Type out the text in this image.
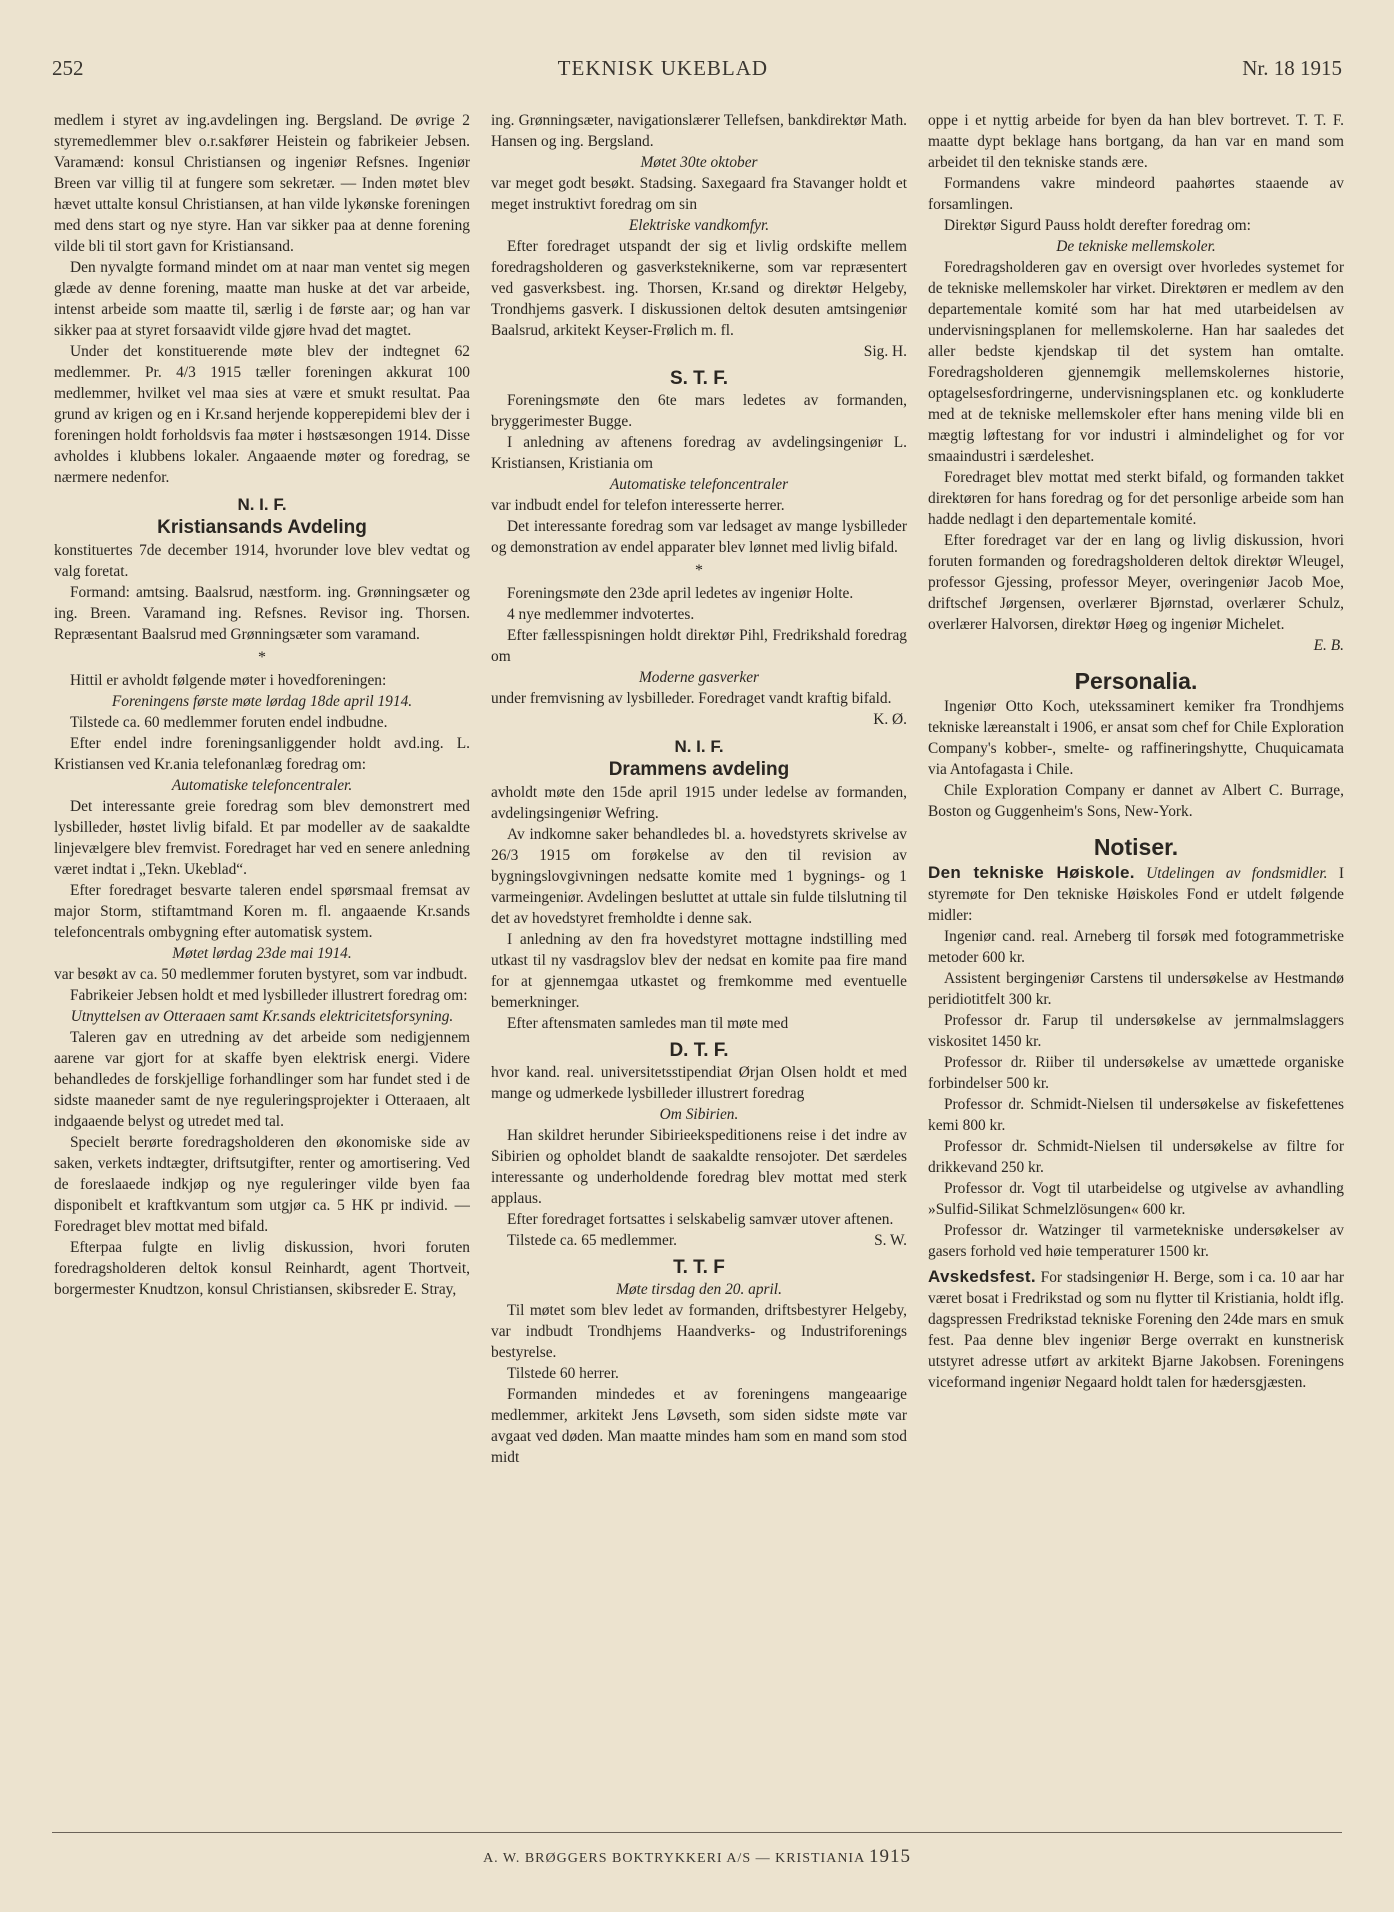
252	TEKNISK UKEBLAD	Nr. 18 1915

medlem i styret av ing.avdelingen ing. Bergsland. De øvrige 2 styremedlemmer blev o.r.sakfører Heistein og fabrikeier Jebsen. Varamænd: konsul Christiansen og ingeniør Refsnes. Ingeniør Breen var villig til at fungere som sekretær. — Inden møtet blev hævet uttalte konsul Christiansen, at han vilde lykønske foreningen med dens start og nye styre. Han var sikker paa at denne forening vilde bli til stort gavn for Kristiansand.

Den nyvalgte formand mindet om at naar man ventet sig megen glæde av denne forening, maatte man huske at det var arbeide, intenst arbeide som maatte til, særlig i de første aar; og han var sikker paa at styret forsaavidt vilde gjøre hvad det magtet.

Under det konstituerende møte blev der indtegnet 62 medlemmer. Pr. 4/3 1915 tæller foreningen akkurat 100 medlemmer, hvilket vel maa sies at være et smukt resultat. Paa grund av krigen og en i Kr.sand herjende kopperepidemi blev der i foreningen holdt forholdsvis faa møter i høstsæsongen 1914. Disse avholdes i klubbens lokaler. Angaaende møter og foredrag, se nærmere nedenfor.

N. I. F.
Kristiansands Avdeling

konstituertes 7de december 1914, hvorunder love blev vedtat og valg foretat.

Formand: amtsing. Baalsrud, næstform. ing. Grønningsæter og ing. Breen. Varamand ing. Refsnes. Revisor ing. Thorsen. Repræsentant Baalsrud med Grønningsæter som varamand.

*

Hittil er avholdt følgende møter i hovedforeningen:

Foreningens første møte lørdag 18de april 1914.

Tilstede ca. 60 medlemmer foruten endel indbudne.

Efter endel indre foreningsanliggender holdt avd.ing. L. Kristiansen ved Kr.ania telefonanlæg foredrag om:

Automatiske telefoncentraler.

Det interessante greie foredrag som blev demonstrert med lysbilleder, høstet livlig bifald. Et par modeller av de saakaldte linjevælgere blev fremvist. Foredraget har ved en senere anledning været indtat i „Tekn. Ukeblad“.

Efter foredraget besvarte taleren endel spørsmaal fremsat av major Storm, stiftamtmand Koren m. fl. angaaende Kr.sands telefoncentrals ombygning efter automatisk system.

Møtet lørdag 23de mai 1914.

var besøkt av ca. 50 medlemmer foruten bystyret, som var indbudt.

Fabrikeier Jebsen holdt et med lysbilleder illustrert foredrag om:

Utnyttelsen av Otteraaen samt Kr.sands elektricitetsforsyning.

Taleren gav en utredning av det arbeide som nedigjennem aarene var gjort for at skaffe byen elektrisk energi. Videre behandledes de forskjellige forhandlinger som har fundet sted i de sidste maaneder samt de nye reguleringsprojekter i Otteraaen, alt indgaaende belyst og utredet med tal.

Specielt berørte foredragsholderen den økonomiske side av saken, verkets indtægter, driftsutgifter, renter og amortisering. Ved de foreslaaede indkjøp og nye reguleringer vilde byen faa disponibelt et kraftkvantum som utgjør ca. 5 HK pr individ. — Foredraget blev mottat med bifald.

Efterpaa fulgte en livlig diskussion, hvori foruten foredragsholderen deltok konsul Reinhardt, agent Thortveit, borgermester Knudtzon, konsul Christiansen, skibsreder E. Stray,

ing. Grønningsæter, navigationslærer Tellefsen, bankdirektør Math. Hansen og ing. Bergsland.

Møtet 30te oktober

var meget godt besøkt. Stadsing. Saxegaard fra Stavanger holdt et meget instruktivt foredrag om sin

Elektriske vandkomfyr.

Efter foredraget utspandt der sig et livlig ordskifte mellem foredragsholderen og gasverksteknikerne, som var repræsentert ved gasverksbest. ing. Thorsen, Kr.sand og direktør Helgeby, Trondhjems gasverk. I diskussionen deltok desuten amtsingeniør Baalsrud, arkitekt Keyser-Frølich m. fl.

Sig. H.

S. T. F.

Foreningsmøte den 6te mars ledetes av formanden, bryggerimester Bugge.

I anledning av aftenens foredrag av avdelingsingeniør L. Kristiansen, Kristiania om

Automatiske telefoncentraler

var indbudt endel for telefon interesserte herrer.

Det interessante foredrag som var ledsaget av mange lysbilleder og demonstration av endel apparater blev lønnet med livlig bifald.

*

Foreningsmøte den 23de april ledetes av ingeniør Holte.

4 nye medlemmer indvotertes.

Efter fællesspisningen holdt direktør Pihl, Fredrikshald foredrag om

Moderne gasverker

under fremvisning av lysbilleder. Foredraget vandt kraftig bifald.

K. Ø.

N. I. F.
Drammens avdeling

avholdt møte den 15de april 1915 under ledelse av formanden, avdelingsingeniør Wefring.

Av indkomne saker behandledes bl. a. hovedstyrets skrivelse av 26/3 1915 om forøkelse av den til revision av bygningslovgivningen nedsatte komite med 1 bygnings- og 1 varmeingeniør. Avdelingen besluttet at uttale sin fulde tilslutning til det av hovedstyret fremholdte i denne sak.

I anledning av den fra hovedstyret mottagne indstilling med utkast til ny vasdragslov blev der nedsat en komite paa fire mand for at gjennemgaa utkastet og fremkomme med eventuelle bemerkninger.

Efter aftensmaten samledes man til møte med

D. T. F.

hvor kand. real. universitetsstipendiat Ørjan Olsen holdt et med mange og udmerkede lysbilleder illustrert foredrag

Om Sibirien.

Han skildret herunder Sibirieekspeditionens reise i det indre av Sibirien og opholdet blandt de saakaldte rensojoter. Det særdeles interessante og underholdende foredrag blev mottat med sterk applaus.

Efter foredraget fortsattes i selskabelig samvær utover aftenen.

Tilstede ca. 65 medlemmer.	S. W.
T. T. F

Møte tirsdag den 20. april.

Til møtet som blev ledet av formanden, driftsbestyrer Helgeby, var indbudt Trondhjems Haandverks- og Industriforenings bestyrelse.

Tilstede 60 herrer.

Formanden mindedes et av foreningens mangeaarige medlemmer, arkitekt Jens Løvseth, som siden sidste møte var avgaat ved døden. Man maatte mindes ham som en mand som stod midt

oppe i et nyttig arbeide for byen da han blev bortrevet. T. T. F. maatte dypt beklage hans bortgang, da han var en mand som arbeidet til den tekniske stands ære.

Formandens vakre mindeord paahørtes staaende av forsamlingen.

Direktør Sigurd Pauss holdt derefter foredrag om:

De tekniske mellemskoler.

Foredragsholderen gav en oversigt over hvorledes systemet for de tekniske mellemskoler har virket. Direktøren er medlem av den departementale komité som har hat med utarbeidelsen av undervisningsplanen for mellemskolerne. Han har saaledes det aller bedste kjendskap til det system han omtalte. Foredragsholderen gjennemgik mellemskolernes historie, optagelsesfordringerne, undervisningsplanen etc. og konkluderte med at de tekniske mellemskoler efter hans mening vilde bli en mægtig løftestang for vor industri i almindelighet og for vor smaaindustri i særdeleshet.

Foredraget blev mottat med sterkt bifald, og formanden takket direktøren for hans foredrag og for det personlige arbeide som han hadde nedlagt i den departementale komité.

Efter foredraget var der en lang og livlig diskussion, hvori foruten formanden og foredragsholderen deltok direktør Wleugel, professor Gjessing, professor Meyer, overingeniør Jacob Moe, driftschef Jørgensen, overlærer Bjørnstad, overlærer Schulz, overlærer Halvorsen, direktør Høeg og ingeniør Michelet.

E. B.

Personalia.

Ingeniør Otto Koch, utekssaminert kemiker fra Trondhjems tekniske læreanstalt i 1906, er ansat som chef for Chile Exploration Company's kobber-, smelte- og raffineringshytte, Chuquicamata via Antofagasta i Chile.

Chile Exploration Company er dannet av Albert C. Burrage, Boston og Guggenheim's Sons, New-York.

Notiser.

Den tekniske Høiskole. Utdelingen av fondsmidler. I styremøte for Den tekniske Høiskoles Fond er utdelt følgende midler:

Ingeniør cand. real. Arneberg til forsøk med fotogrammetriske metoder 600 kr.

Assistent bergingeniør Carstens til undersøkelse av Hestmandø peridiotitfelt 300 kr.

Professor dr. Farup til undersøkelse av jernmalmslaggers viskositet 1450 kr.

Professor dr. Riiber til undersøkelse av umættede organiske forbindelser 500 kr.

Professor dr. Schmidt-Nielsen til undersøkelse av fiskefettenes kemi 800 kr.

Professor dr. Schmidt-Nielsen til undersøkelse av filtre for drikkevand 250 kr.

Professor dr. Vogt til utarbeidelse og utgivelse av avhandling »Sulfid-Silikat Schmelzlösungen« 600 kr.

Professor dr. Watzinger til varmetekniske undersøkelser av gasers forhold ved høie temperaturer 1500 kr.

Avskedsfest. For stadsingeniør H. Berge, som i ca. 10 aar har været bosat i Fredrikstad og som nu flytter til Kristiania, holdt iflg. dagspressen Fredrikstad tekniske Forening den 24de mars en smuk fest. Paa denne blev ingeniør Berge overrakt en kunstnerisk utstyret adresse utført av arkitekt Bjarne Jakobsen. Foreningens viceformand ingeniør Negaard holdt talen for hædersgjæsten.

A. W. BRØGGERS BOKTRYKKERI A/S — KRISTIANIA 1915
